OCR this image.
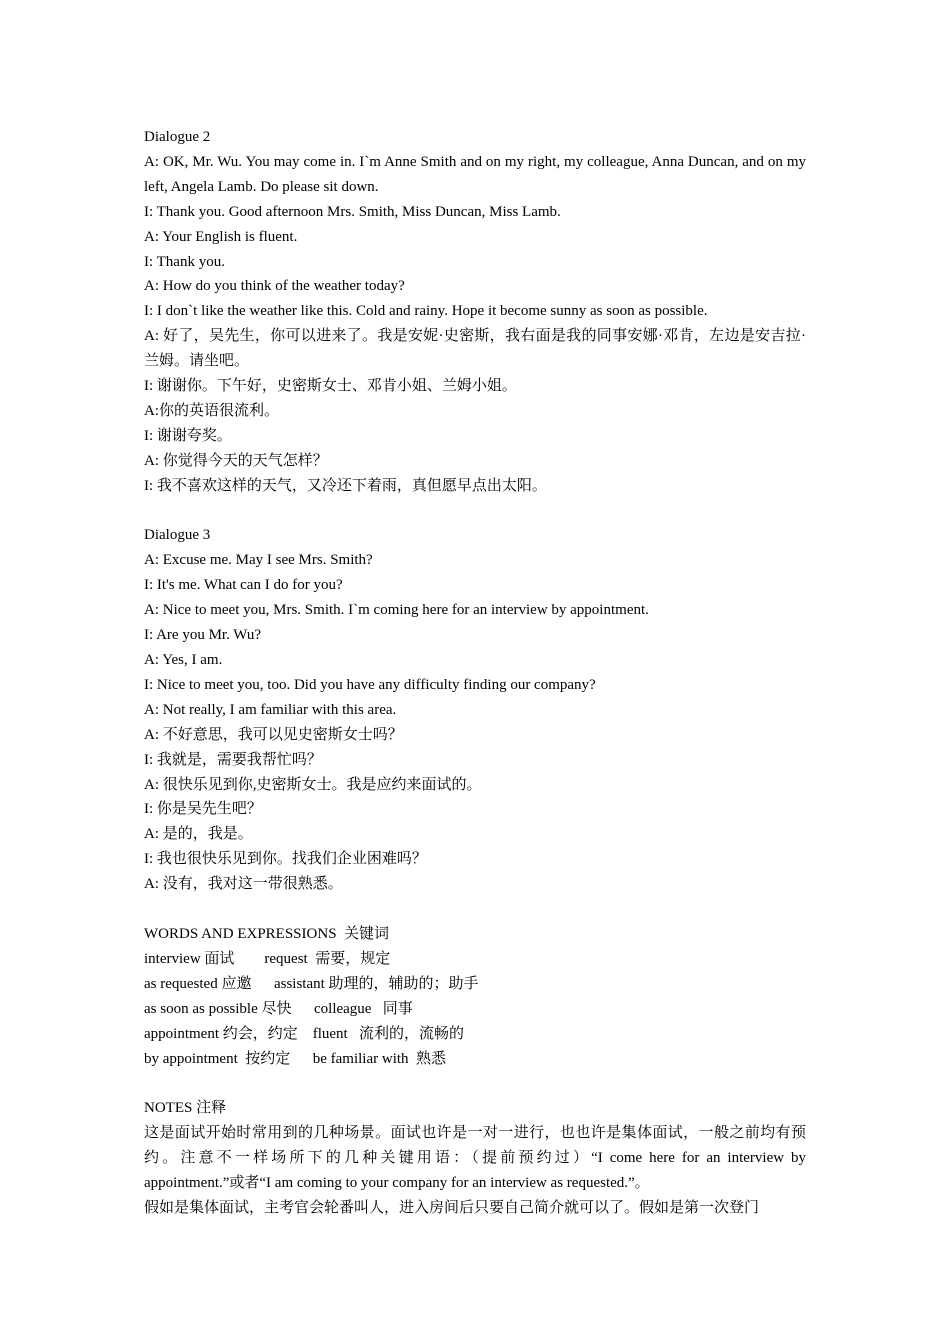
Dialogue 2

A: OK, Mr. Wu. You may come in. I`m Anne Smith and on my right, my colleague, Anna Duncan, and on my left, Angela Lamb. Do please sit down.

I: Thank you. Good afternoon Mrs. Smith, Miss Duncan, Miss Lamb.

A: Your English is fluent.

I: Thank you.

A: How do you think of the weather today?

I: I don`t like the weather like this. Cold and rainy. Hope it become sunny as soon as possible.

A: 好了，吴先生，你可以进来了。我是安妮·史密斯，我右面是我的同事安娜·邓肯，左边是安吉拉·兰姆。请坐吧。

I: 谢谢你。下午好，史密斯女士、邓肯小姐、兰姆小姐。

A:你的英语很流利。

I: 谢谢夸奖。

A: 你觉得今天的天气怎样？

I: 我不喜欢这样的天气，又冷还下着雨，真但愿早点出太阳。

Dialogue 3

A: Excuse me. May I see Mrs. Smith?

I: It's me. What can I do for you?

A: Nice to meet you, Mrs. Smith. I`m coming here for an interview by appointment.

I: Are you Mr. Wu?

A: Yes, I am.

I: Nice to meet you, too. Did you have any difficulty finding our company?

A: Not really, I am familiar with this area.

A: 不好意思，我可以见史密斯女士吗？

I: 我就是，需要我帮忙吗？

A: 很快乐见到你,史密斯女士。我是应约来面试的。

I: 你是吴先生吧？

A: 是的，我是。

I: 我也很快乐见到你。找我们企业困难吗？

A: 没有，我对这一带很熟悉。

WORDS AND EXPRESSIONS  关键词

interview 面试        request  需要，规定

as requested 应邀      assistant 助理的，辅助的；助手

as soon as possible 尽快      colleague   同事

appointment 约会，约定    fluent   流利的，流畅的

by appointment  按约定      be familiar with  熟悉

NOTES 注释

这是面试开始时常用到的几种场景。面试也许是一对一进行，也也许是集体面试，一般之前均有预约。注意不一样场所下的几种关键用语：（提前预约过）“I come here for an interview by appointment.”或者“I am coming to your company for an interview as requested.”。

假如是集体面试，主考官会轮番叫人，进入房间后只要自己简介就可以了。假如是第一次登门
